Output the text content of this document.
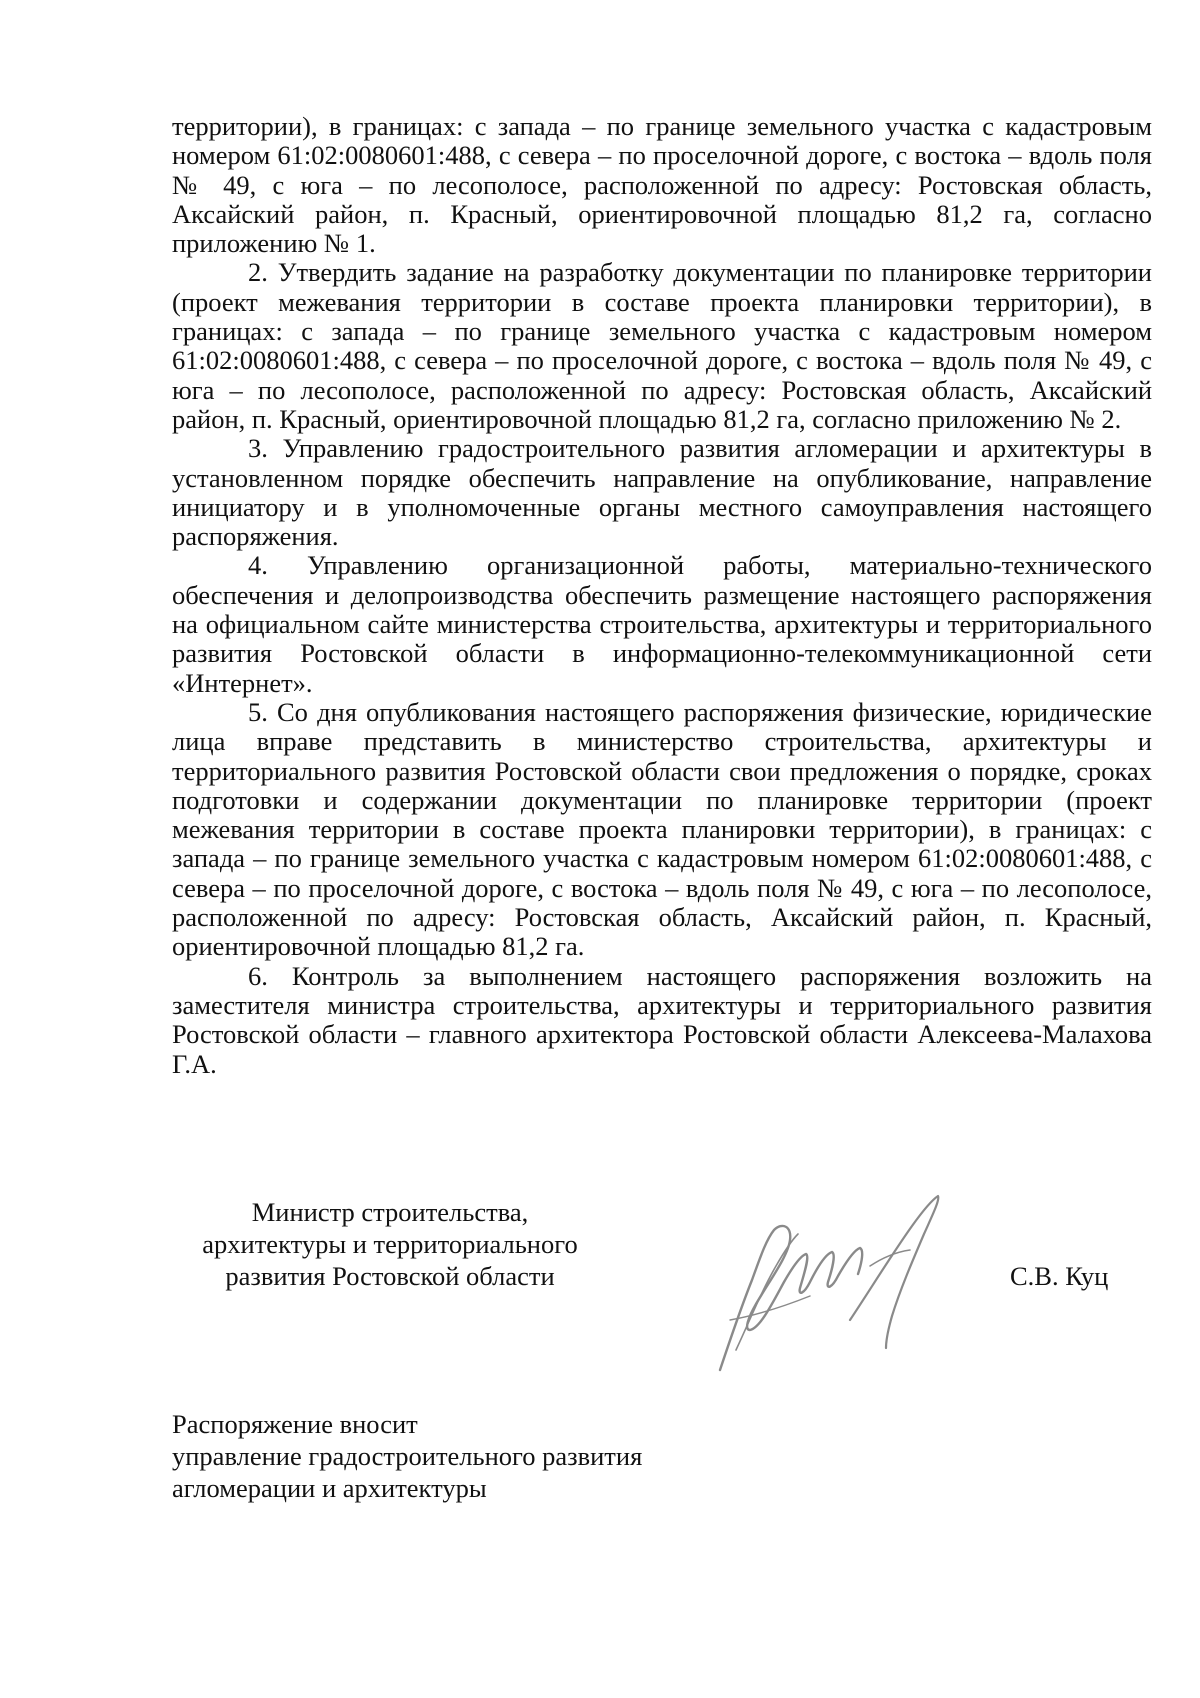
территории), в границах: с запада – по границе земельного участка с кадастровым номером 61:02:0080601:488, с севера – по проселочной дороге, с востока – вдоль поля № 49, с юга – по лесополосе, расположенной по адресу: Ростовская область, Аксайский район, п. Красный, ориентировочной площадью 81,2 га, согласно приложению № 1.

2. Утвердить задание на разработку документации по планировке территории (проект межевания территории в составе проекта планировки территории), в границах: с запада – по границе земельного участка с кадастровым номером 61:02:0080601:488, с севера – по проселочной дороге, с востока – вдоль поля № 49, с юга – по лесополосе, расположенной по адресу: Ростовская область, Аксайский район, п. Красный, ориентировочной площадью 81,2 га, согласно приложению № 2.

3. Управлению градостроительного развития агломерации и архитектуры в установленном порядке обеспечить направление на опубликование, направление инициатору и в уполномоченные органы местного самоуправления настоящего распоряжения.

4. Управлению организационной работы, материально-технического обеспечения и делопроизводства обеспечить размещение настоящего распоряжения на официальном сайте министерства строительства, архитектуры и территориального развития Ростовской области в информационно-телекоммуникационной сети «Интернет».

5. Со дня опубликования настоящего распоряжения физические, юридические лица вправе представить в министерство строительства, архитектуры и территориального развития Ростовской области свои предложения о порядке, сроках подготовки и содержании документации по планировке территории (проект межевания территории в составе проекта планировки территории), в границах: с запада – по границе земельного участка с кадастровым номером 61:02:0080601:488, с севера – по проселочной дороге, с востока – вдоль поля № 49, с юга – по лесополосе, расположенной по адресу: Ростовская область, Аксайский район, п. Красный, ориентировочной площадью 81,2 га.

6. Контроль за выполнением настоящего распоряжения возложить на заместителя министра строительства, архитектуры и территориального развития Ростовской области – главного архитектора Ростовской области Алексеева-Малахова Г.А.

Министр строительства,
архитектуры и территориального
развития Ростовской области	С.В. Куц
Распоряжение вносит
управление градостроительного развития
агломерации и архитектуры
